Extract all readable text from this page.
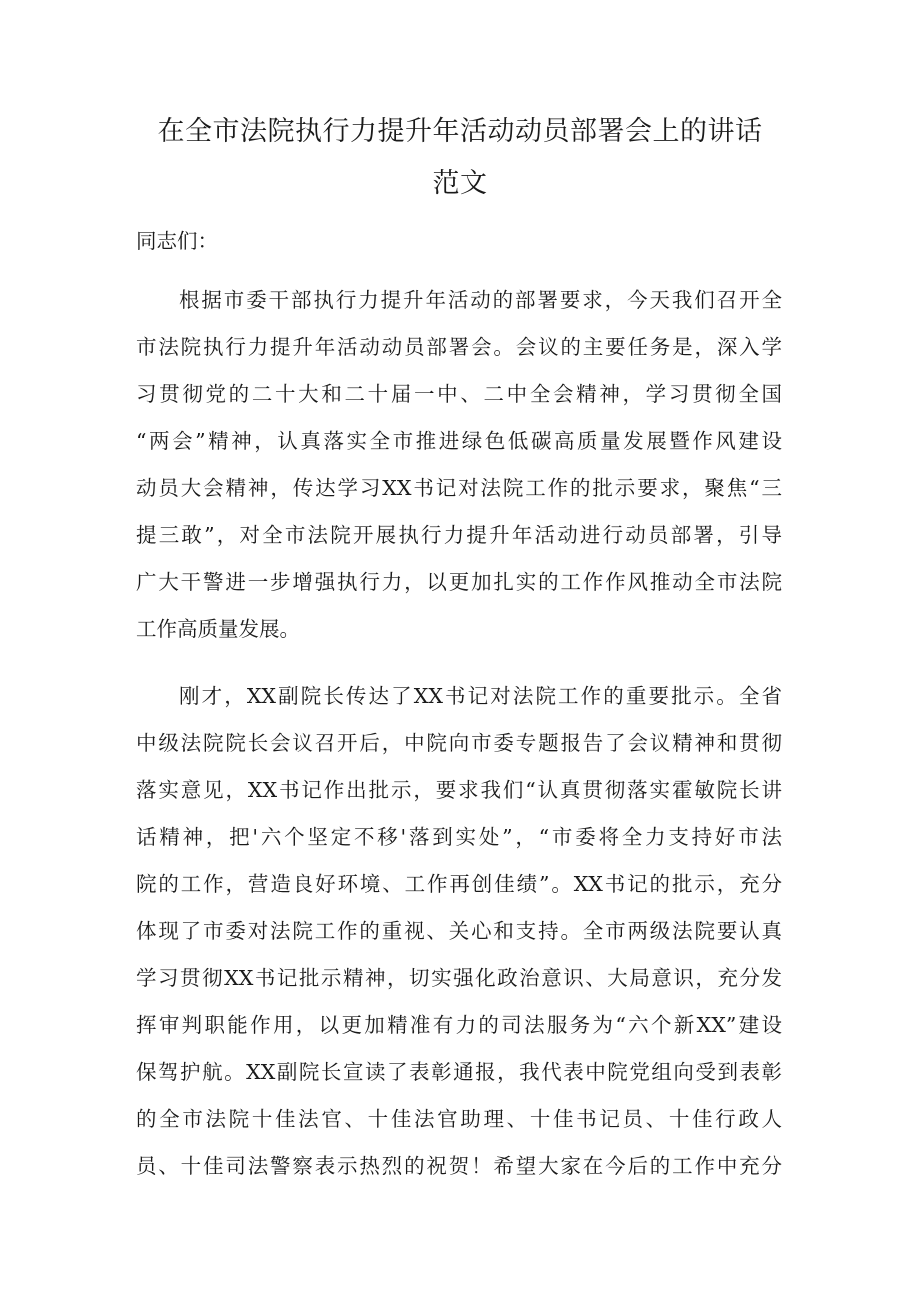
在全市法院执行力提升年活动动员部署会上的讲话
范文

同志们：

根据市委干部执行力提升年活动的部署要求，今天我们召开全

市法院执行力提升年活动动员部署会。会议的主要任务是，深入学

习贯彻党的二十大和二十届一中、二中全会精神，学习贯彻全国

“两会”精神，认真落实全市推进绿色低碳高质量发展暨作风建设

动员大会精神，传达学习XX书记对法院工作的批示要求，聚焦“三

提三敢”，对全市法院开展执行力提升年活动进行动员部署，引导

广大干警进一步增强执行力，以更加扎实的工作作风推动全市法院

工作高质量发展。

刚才，XX副院长传达了XX书记对法院工作的重要批示。全省

中级法院院长会议召开后，中院向市委专题报告了会议精神和贯彻

落实意见，XX书记作出批示，要求我们“认真贯彻落实霍敏院长讲

话精神，把'六个坚定不移'落到实处”，“市委将全力支持好市法

院的工作，营造良好环境、工作再创佳绩”。XX书记的批示，充分

体现了市委对法院工作的重视、关心和支持。全市两级法院要认真

学习贯彻XX书记批示精神，切实强化政治意识、大局意识，充分发

挥审判职能作用，以更加精准有力的司法服务为“六个新XX”建设

保驾护航。XX副院长宣读了表彰通报，我代表中院党组向受到表彰

的全市法院十佳法官、十佳法官助理、十佳书记员、十佳行政人

员、十佳司法警察表示热烈的祝贺！希望大家在今后的工作中充分
